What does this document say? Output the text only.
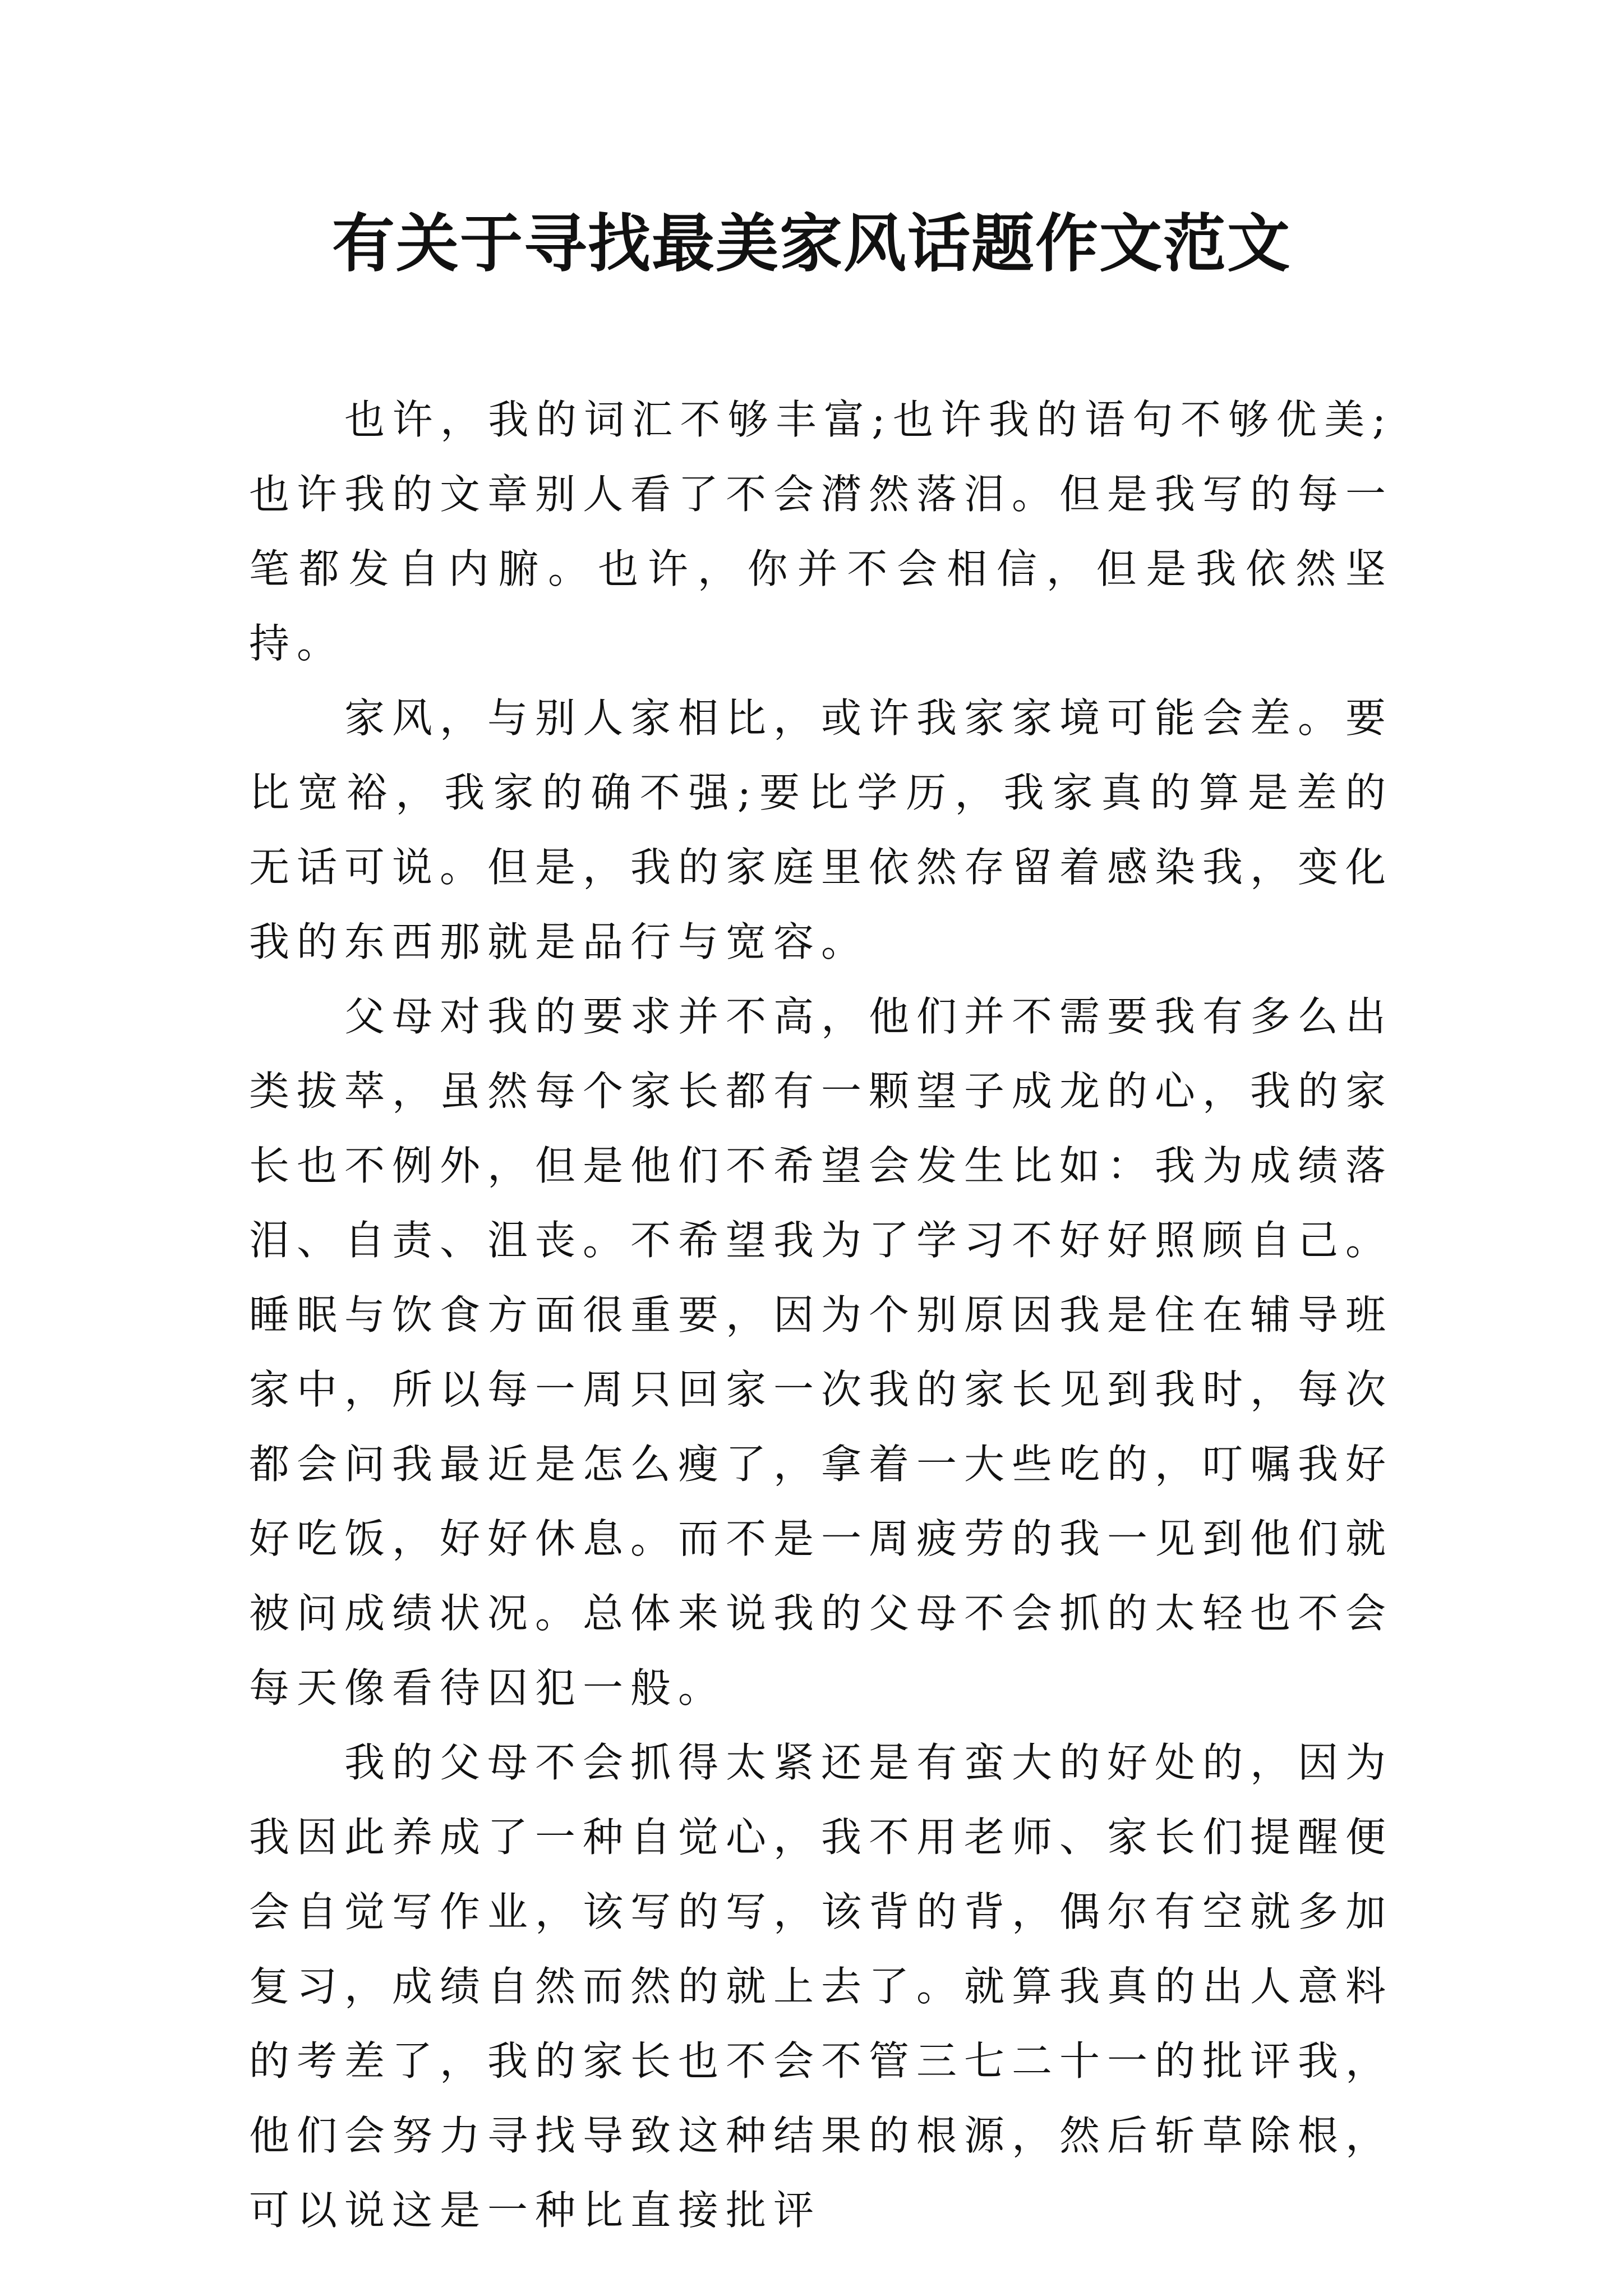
有关于寻找最美家风话题作文范文

也许，我的词汇不够丰富;也许我的语句不够优美;也许我的文章别人看了不会潸然落泪。但是我写的每一笔都发自内腑。也许，你并不会相信，但是我依然坚持。

家风，与别人家相比，或许我家家境可能会差。要比宽裕，我家的确不强;要比学历，我家真的算是差的无话可说。但是，我的家庭里依然存留着感染我，变化我的东西那就是品行与宽容。

父母对我的要求并不高，他们并不需要我有多么出类拔萃，虽然每个家长都有一颗望子成龙的心，我的家长也不例外，但是他们不希望会发生比如：我为成绩落泪、自责、沮丧。不希望我为了学习不好好照顾自己。睡眠与饮食方面很重要，因为个别原因我是住在辅导班家中，所以每一周只回家一次我的家长见到我时，每次都会问我最近是怎么瘦了，拿着一大些吃的，叮嘱我好好吃饭，好好休息。而不是一周疲劳的我一见到他们就被问成绩状况。总体来说我的父母不会抓的太轻也不会每天像看待囚犯一般。

我的父母不会抓得太紧还是有蛮大的好处的，因为我因此养成了一种自觉心，我不用老师、家长们提醒便会自觉写作业，该写的写，该背的背，偶尔有空就多加复习，成绩自然而然的就上去了。就算我真的出人意料的考差了，我的家长也不会不管三七二十一的批评我，他们会努力寻找导致这种结果的根源，然后斩草除根，可以说这是一种比直接批评
